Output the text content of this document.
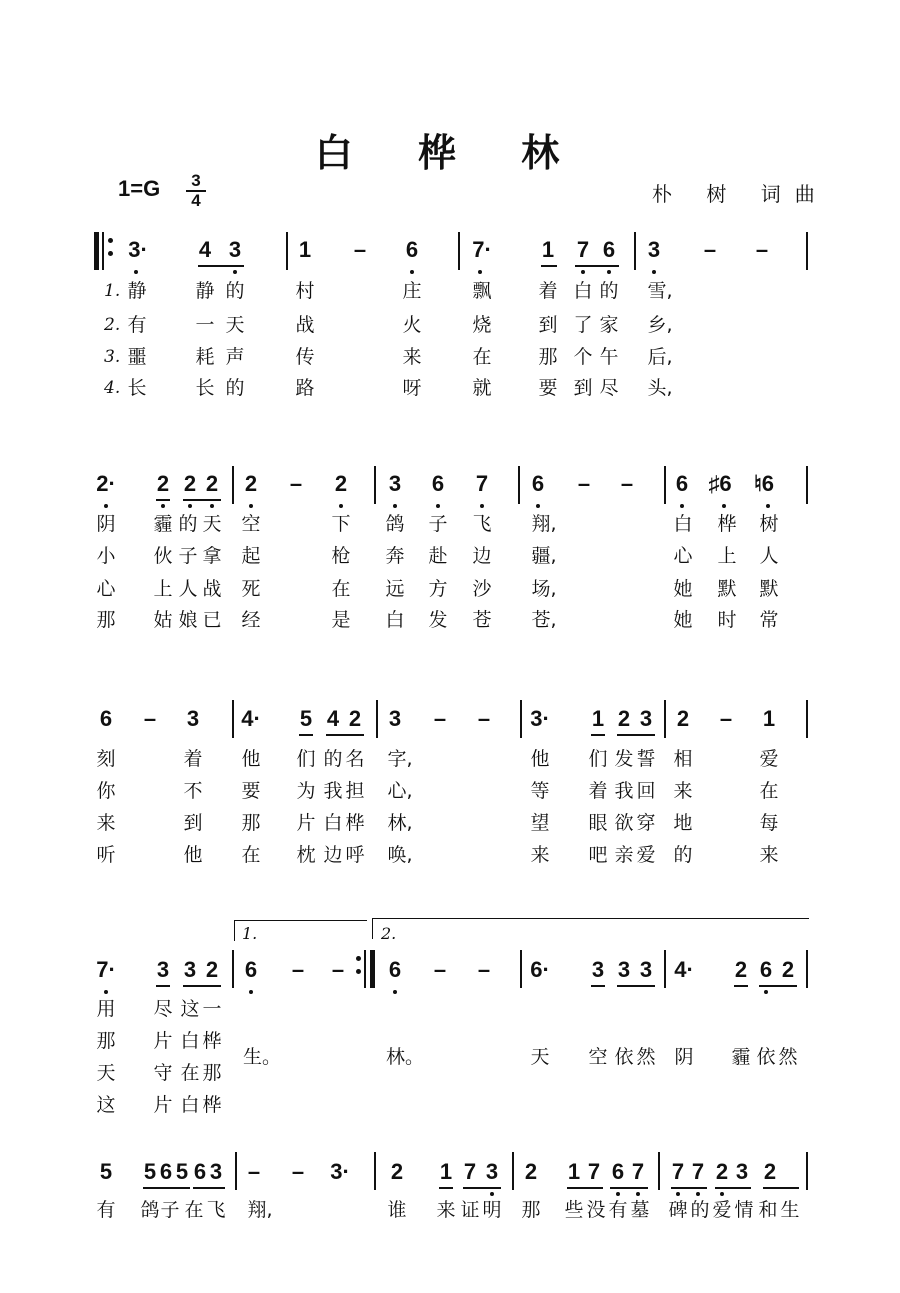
白 桦 林
1=G	3
4	朴 树 词曲
3· 4 3	1 – 6 7· 1 7 6 3 – –
1.
2.
3.
4.
静	静 的	村	庄	飘 着 白 的 雪,
有	一 天	战	火	烧 到 了 家 乡,
噩	耗 声	传	来	在 那 个 午 后,
长	长 的	路	呀	就 要 到 尽 头,
2· 2 2 2 2 – 2 3 6 7 6 – – 6 ♯6 ♮6
阴 霾 的 天 空	下 鸽 子 飞 翔,	白 桦 树
小 伙 子 拿 起	枪 奔 赴 边 疆,	心 上 人
心 上 人 战 死	在 远 方 沙 场,	她 默 默
那 姑 娘 已 经	是 白 发 苍 苍,	她 时 常
6 – 3 4· 5 4 2 3 – – 3· 1 2 3 2 – 1
刻	着 他 们 的 名 字,	他 们 发 誓 相	爱
你	不 要 为 我 担 心,	等 着 我 回 来	在
来	到 那 片 白 桦 林,	望 眼 欲 穿 地	每
听	他 在 枕 边 呼 唤,	来 吧 亲 爱 的	来
1.	2.
7· 3 3 2 6 – – 6 – – 6· 3 3 3 4· 2 6 2
用 尽 这 一
那 片 白 桦
天 守 在 那
这 片 白 桦
生。	林。	天 空 依 然 阴 霾 依 然
5 5 6 5 6 3 – – 3· 2 1 7 3 2 1 7 6 7 7 7 2 3 2
有 鸽 子 在 飞 翔,	谁 来 证 明 那 些 没 有 墓 碑 的 爱 情 和 生
